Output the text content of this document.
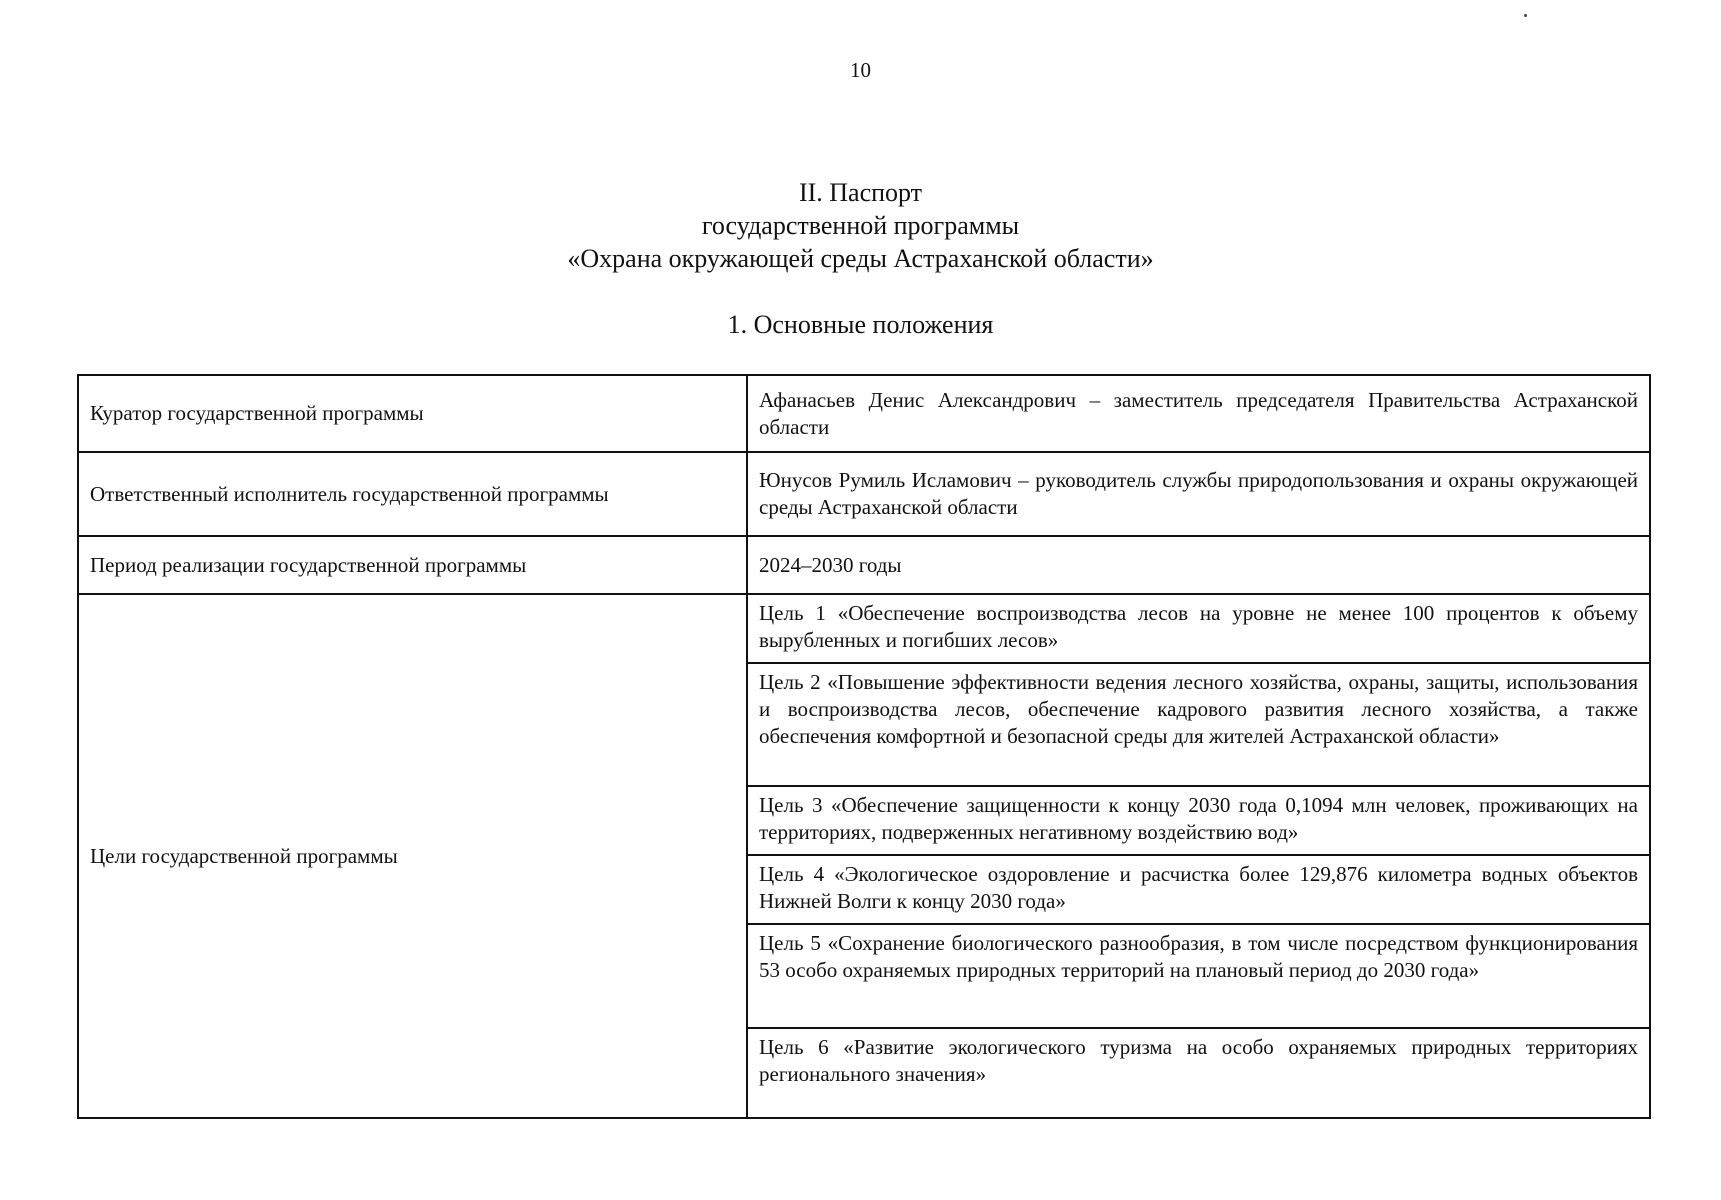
10
II. Паспорт
государственной программы
«Охрана окружающей среды Астраханской области»
1. Основные положения
Куратор государственной программы	Афанасьев Денис Александрович – заместитель председателя Правительства Астраханской области
Ответственный исполнитель государственной программы	Юнусов Румиль Исламович – руководитель службы природопользования и охраны окружающей среды Астраханской области
Период реализации государственной программы	2024–2030 годы
Цели государственной программы	Цель 1 «Обеспечение воспроизводства лесов на уровне не менее 100 процентов к объему вырубленных и погибших лесов»
	Цель 2 «Повышение эффективности ведения лесного хозяйства, охраны, защиты, использования и воспроизводства лесов, обеспечение кадрового развития лесного хозяйства, а также обеспечения комфортной и безопасной среды для жителей Астраханской области»
	Цель 3 «Обеспечение защищенности к концу 2030 года 0,1094 млн человек, проживающих на территориях, подверженных негативному воздействию вод»
	Цель 4 «Экологическое оздоровление и расчистка более 129,876 километра водных объектов Нижней Волги к концу 2030 года»
	Цель 5 «Сохранение биологического разнообразия, в том числе посредством функционирования 53 особо охраняемых природных территорий на плановый период до 2030 года»
	Цель 6 «Развитие экологического туризма на особо охраняемых природных территориях регионального значения»
